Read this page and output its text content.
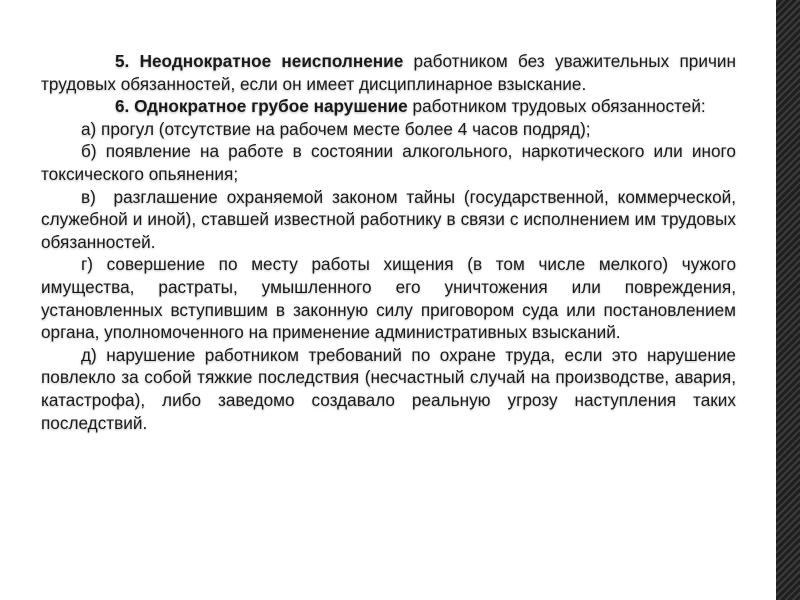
5. Неоднократное неисполнение работником без уважительных причин трудовых обязанностей, если он имеет дисциплинарное взыскание.

6. Однократное грубое нарушение работником трудовых обязанностей:

а) прогул (отсутствие на рабочем месте более 4 часов подряд);

б) появление на работе в состоянии алкогольного, наркотического или иного токсического опьянения;

в)  разглашение охраняемой законом тайны (государственной, коммерческой, служебной и иной), ставшей известной работнику в связи с исполнением им трудовых обязанностей.

г) совершение по месту работы хищения (в том числе мелкого) чужого имущества, растраты, умышленного его уничтожения или повреждения, установленных вступившим в законную силу приговором суда или постановлением органа, уполномоченного на применение административных взысканий.

д) нарушение работником требований по охране труда, если это нарушение повлекло за собой тяжкие последствия (несчастный случай на производстве, авария, катастрофа), либо заведомо создавало реальную угрозу наступления таких последствий.
